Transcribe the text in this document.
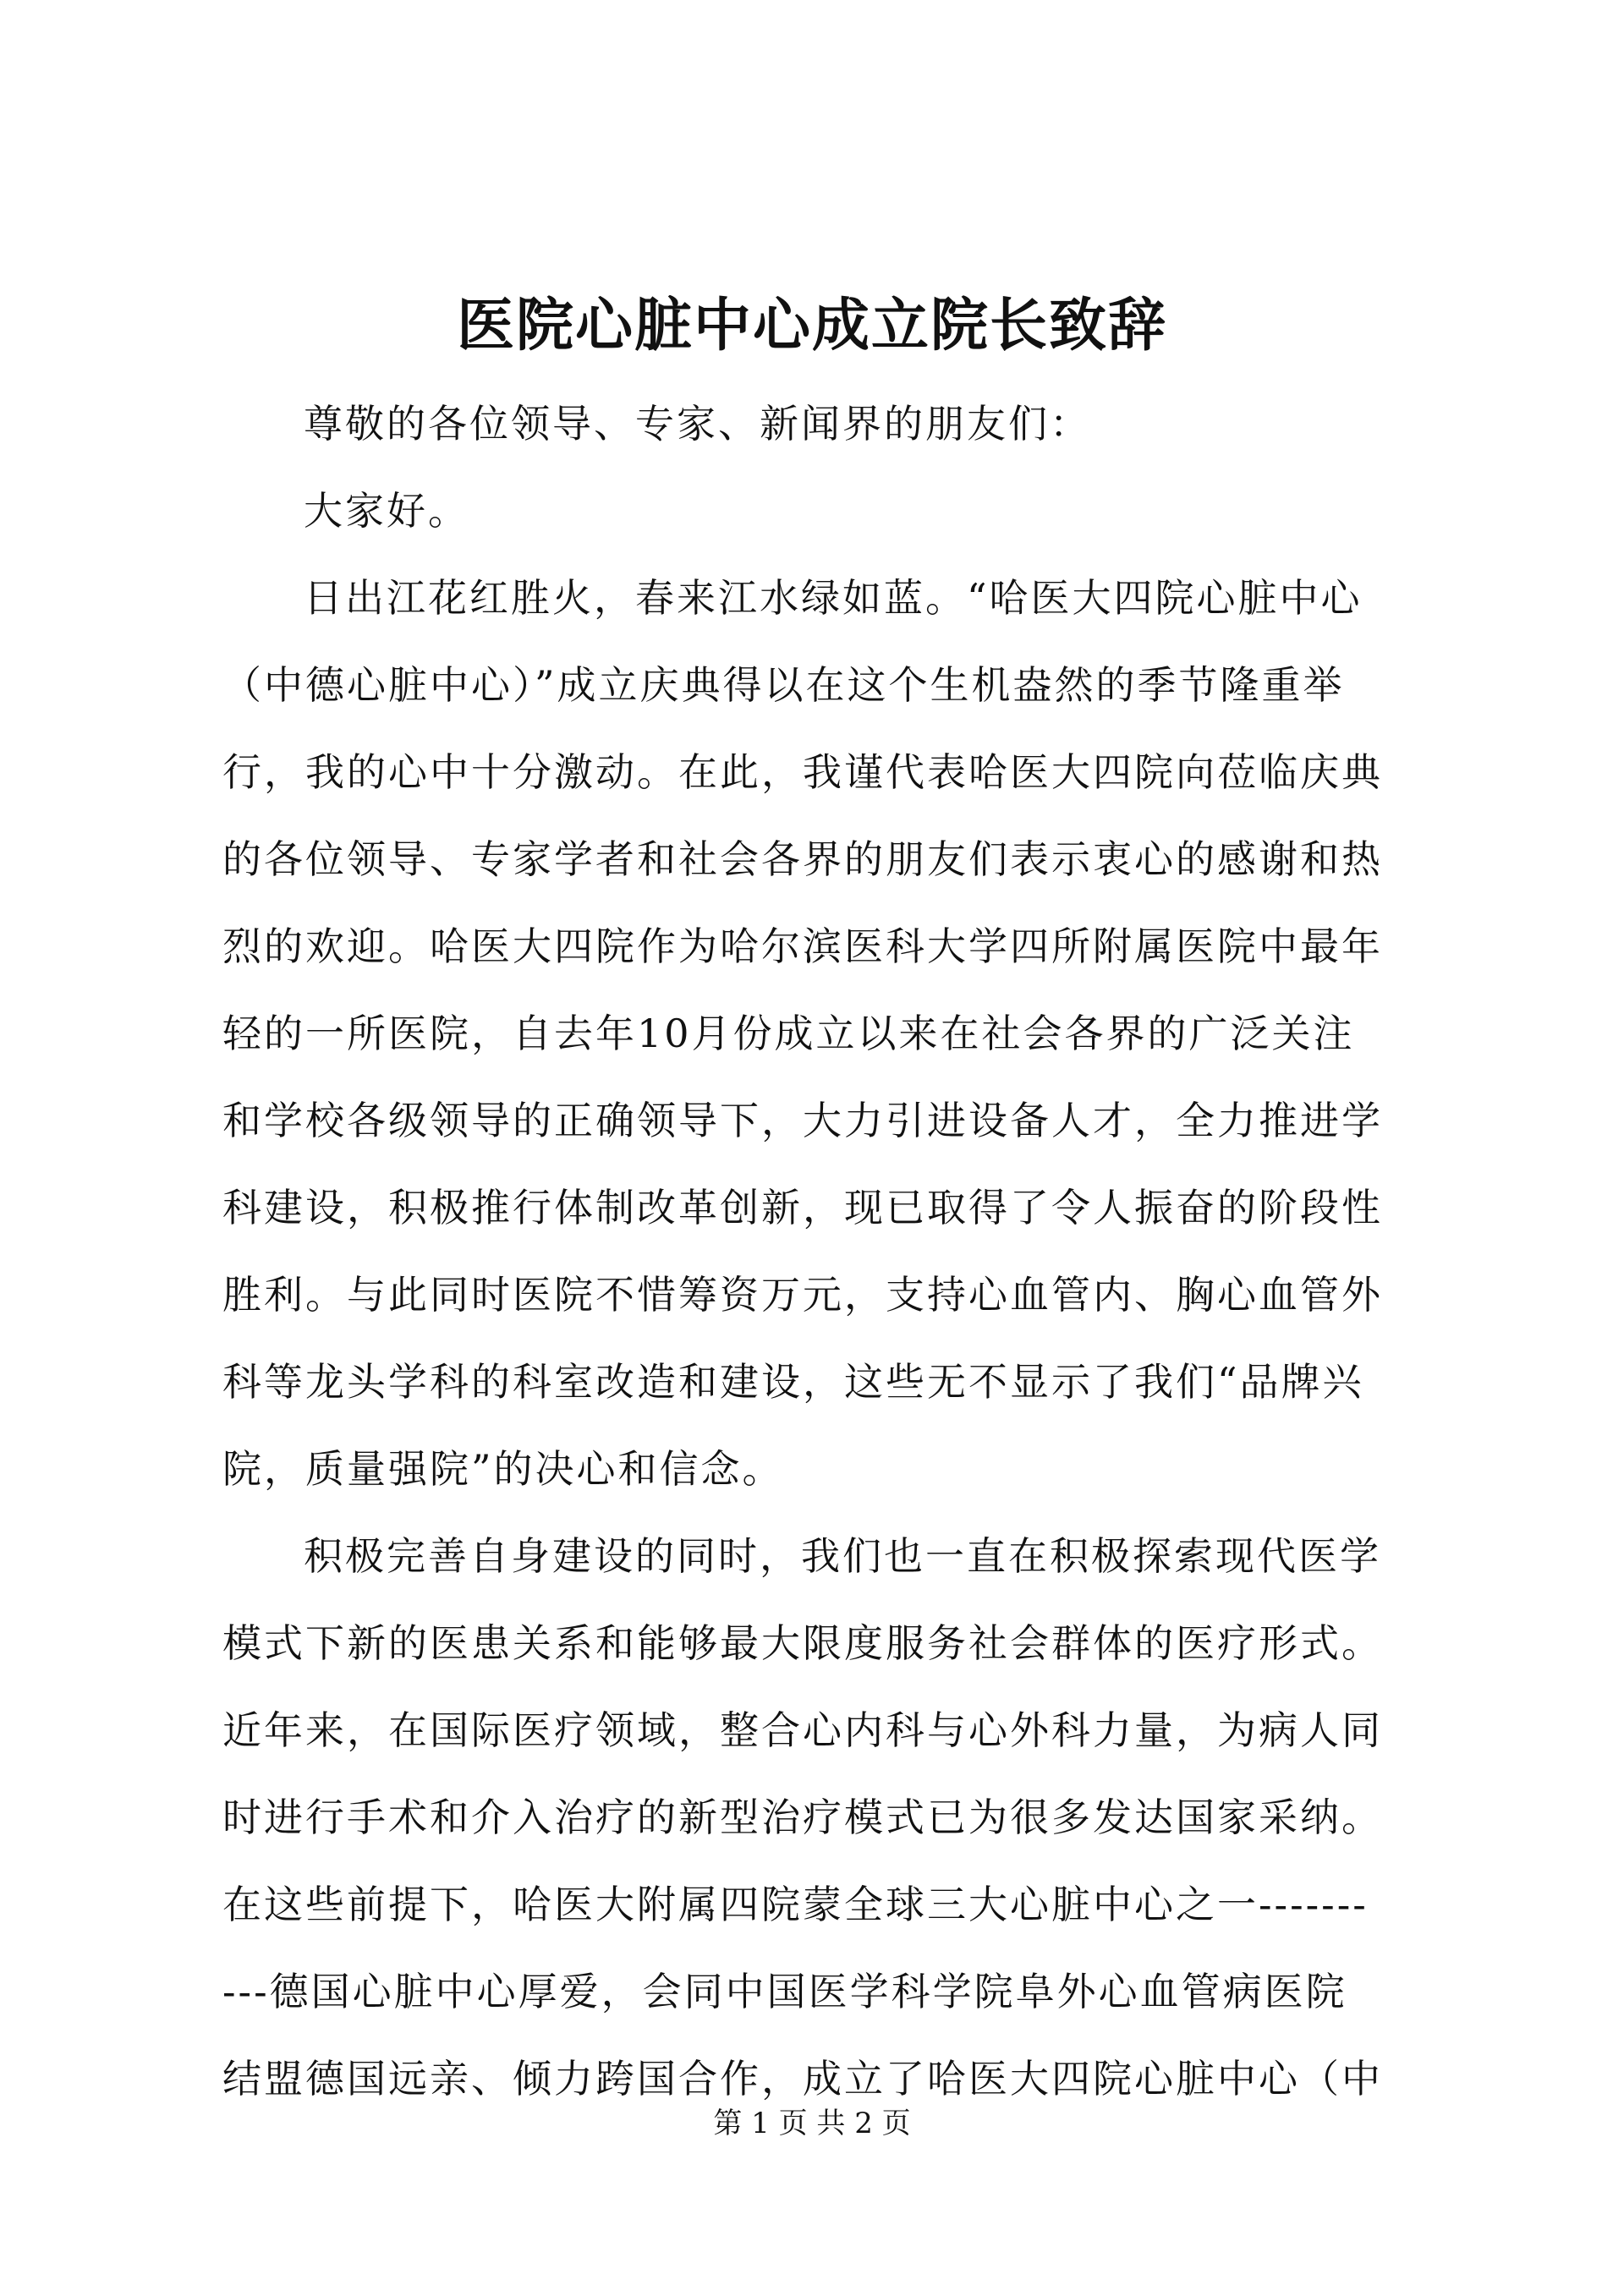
医院心脏中心成立院长致辞
尊敬的各位领导、专家、新闻界的朋友们：
大家好。
日出江花红胜火，春来江水绿如蓝。“哈医大四院心脏中心
（中德心脏中心）”成立庆典得以在这个生机盎然的季节隆重举
行，我的心中十分激动。在此，我谨代表哈医大四院向莅临庆典
的各位领导、专家学者和社会各界的朋友们表示衷心的感谢和热
烈的欢迎。哈医大四院作为哈尔滨医科大学四所附属医院中最年
轻的一所医院，自去年10月份成立以来在社会各界的广泛关注
和学校各级领导的正确领导下，大力引进设备人才，全力推进学
科建设，积极推行体制改革创新，现已取得了令人振奋的阶段性
胜利。与此同时医院不惜筹资万元，支持心血管内、胸心血管外
科等龙头学科的科室改造和建设，这些无不显示了我们“品牌兴
院，质量强院”的决心和信念。
积极完善自身建设的同时，我们也一直在积极探索现代医学
模式下新的医患关系和能够最大限度服务社会群体的医疗形式。
近年来，在国际医疗领域，整合心内科与心外科力量，为病人同
时进行手术和介入治疗的新型治疗模式已为很多发达国家采纳。
在这些前提下，哈医大附属四院蒙全球三大心脏中心之一-------
---德国心脏中心厚爱，会同中国医学科学院阜外心血管病医院
结盟德国远亲、倾力跨国合作，成立了哈医大四院心脏中心（中
第 1 页 共 2 页
